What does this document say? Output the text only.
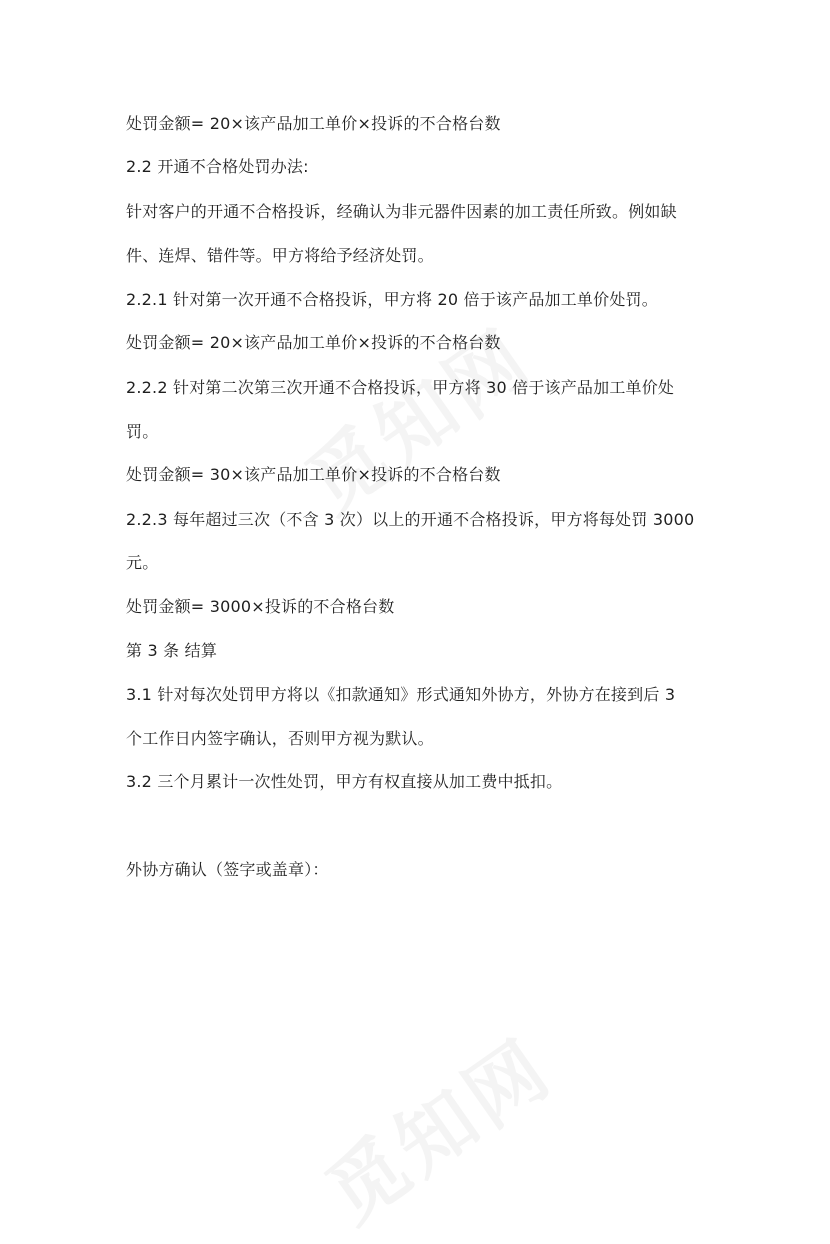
处罚金额= 20×该产品加工单价×投诉的不合格台数
2.2 开通不合格处罚办法:
针对客户的开通不合格投诉，经确认为非元器件因素的加工责任所致。例如缺
件、连焊、错件等。甲方将给予经济处罚。
2.2.1 针对第一次开通不合格投诉，甲方将 20 倍于该产品加工单价处罚。
处罚金额= 20×该产品加工单价×投诉的不合格台数
2.2.2 针对第二次第三次开通不合格投诉，甲方将 30 倍于该产品加工单价处
罚。
处罚金额= 30×该产品加工单价×投诉的不合格台数
2.2.3 每年超过三次（不含 3 次）以上的开通不合格投诉，甲方将每处罚 3000
元。
处罚金额= 3000×投诉的不合格台数
第 3 条 结算
3.1 针对每次处罚甲方将以《扣款通知》形式通知外协方，外协方在接到后 3
个工作日内签字确认，否则甲方视为默认。
3.2 三个月累计一次性处罚，甲方有权直接从加工费中抵扣。
外协方确认（签字或盖章）：
